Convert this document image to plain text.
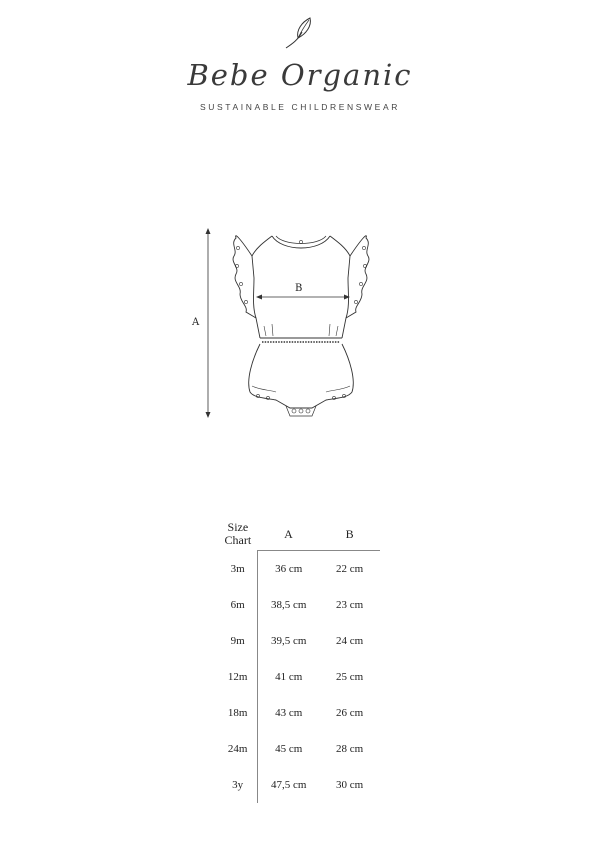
Bebe Organic
SUSTAINABLE CHILDRENSWEAR
A
B
Size Chart	A	B
3m	36 cm	22 cm
6m	38,5 cm	23 cm
9m	39,5 cm	24 cm
12m	41 cm	25 cm
18m	43 cm	26 cm
24m	45 cm	28 cm
3y	47,5 cm	30 cm
